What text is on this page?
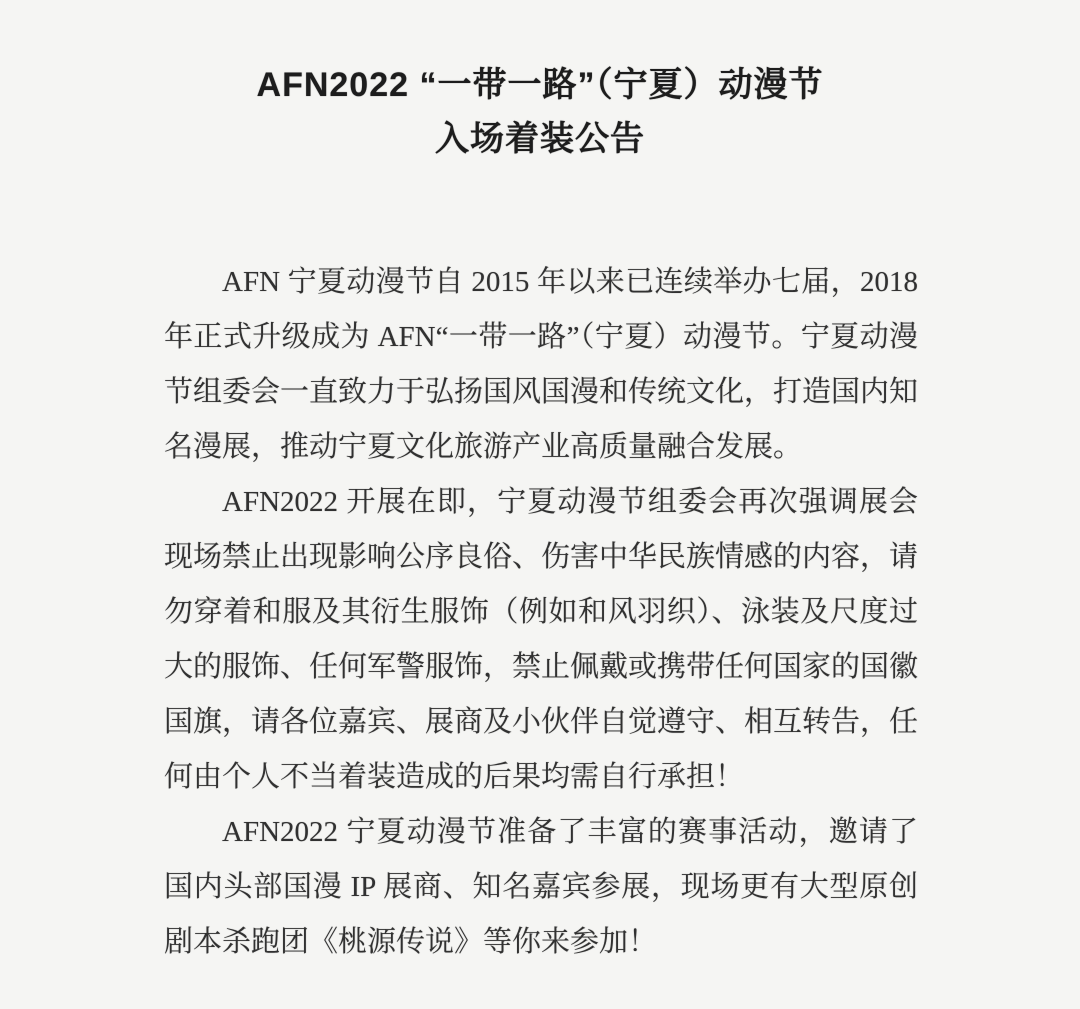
AFN2022 “一带一路”（宁夏）动漫节
入场着装公告

AFN 宁夏动漫节自 2015 年以来已连续举办七届，2018 年正式升级成为 AFN“一带一路”（宁夏）动漫节。宁夏动漫节组委会一直致力于弘扬国风国漫和传统文化，打造国内知名漫展，推动宁夏文化旅游产业高质量融合发展。

AFN2022 开展在即，宁夏动漫节组委会再次强调展会现场禁止出现影响公序良俗、伤害中华民族情感的内容，请勿穿着和服及其衍生服饰（例如和风羽织）、泳装及尺度过大的服饰、任何军警服饰，禁止佩戴或携带任何国家的国徽国旗，请各位嘉宾、展商及小伙伴自觉遵守、相互转告，任何由个人不当着装造成的后果均需自行承担！

AFN2022 宁夏动漫节准备了丰富的赛事活动，邀请了国内头部国漫 IP 展商、知名嘉宾参展，现场更有大型原创剧本杀跑团《桃源传说》等你来参加！
